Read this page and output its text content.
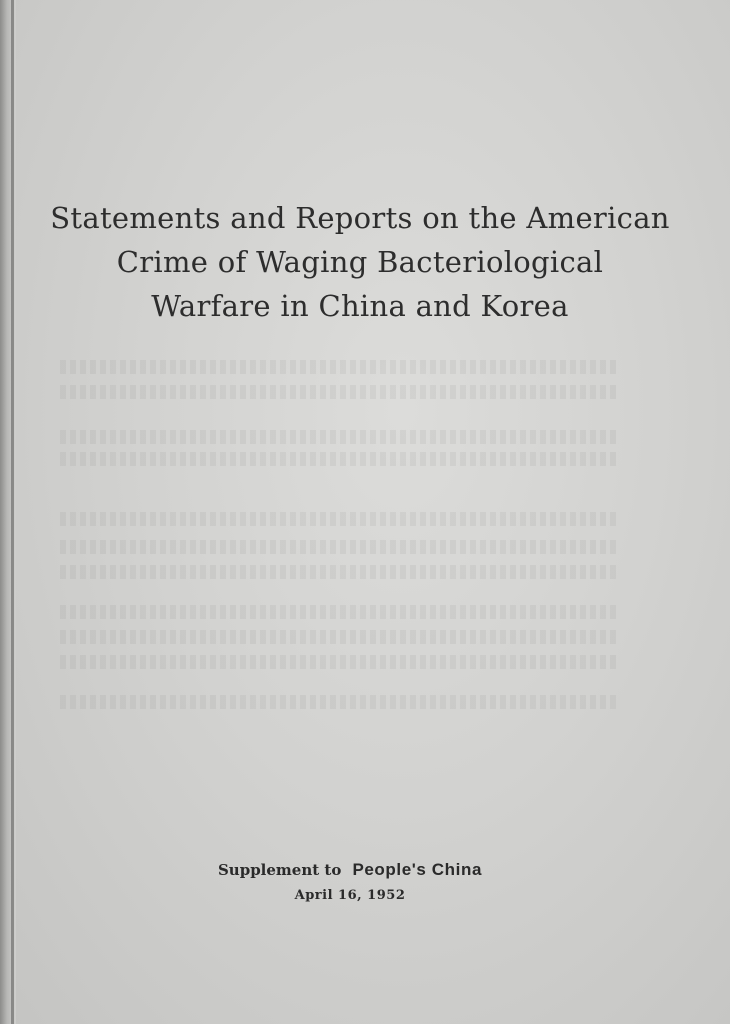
Statements and Reports on the American
Crime of Waging Bacteriological
Warfare in China and Korea
Supplement to People's China
April 16, 1952
